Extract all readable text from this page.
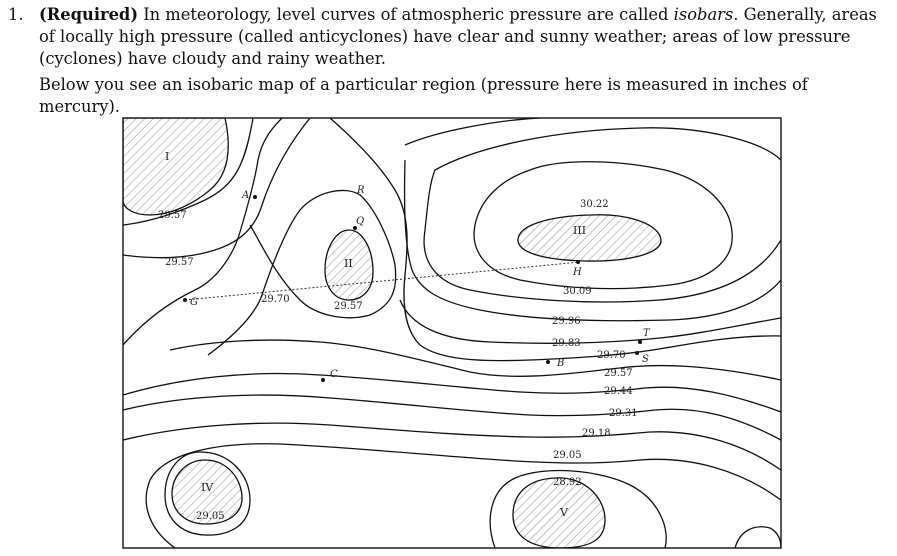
1. (Required) In meteorology, level curves of atmospheric pressure are called isobars. Generally, areas of locally high pressure (called anticyclones) have clear and sunny weather; areas of low pressure (cyclones) have cloudy and rainy weather.

Below you see an isobaric map of a particular region (pressure here is measured in inches of mercury).

I
II
III
IV
V
A	R
Q
G
H
B
C
T
S
29.57
29.57
29.70
29.57
30.22
30.09
29.96
29.83
29.70
29.57
29.44
29.31
29.18
29.05
28.92
29.05
